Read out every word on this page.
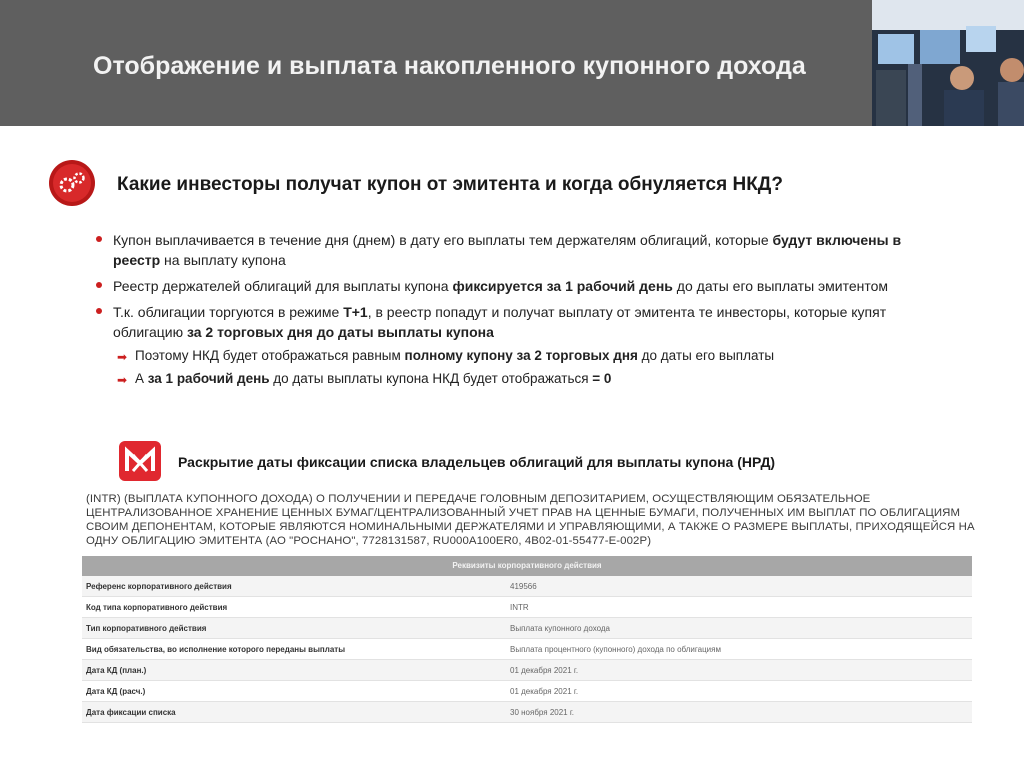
Отображение и выплата накопленного купонного дохода
Какие инвесторы получат купон от эмитента и когда обнуляется НКД?
Купон выплачивается в течение дня (днем) в дату его выплаты тем держателям облигаций, которые будут включены в реестр на выплату купона
Реестр держателей облигаций для выплаты купона фиксируется за 1 рабочий день до даты его выплаты эмитентом
Т.к. облигации торгуются в режиме Т+1, в реестр попадут и получат выплату от эмитента те инвесторы, которые купят облигацию за 2 торговых дня до даты выплаты купона
➡ Поэтому НКД будет отображаться равным полному купону за 2 торговых дня до даты его выплаты
➡ А за 1 рабочий день до даты выплаты купона НКД будет отображаться = 0
Раскрытие даты фиксации списка владельцев облигаций для выплаты купона (НРД)
(INTR) (ВЫПЛАТА КУПОННОГО ДОХОДА) О ПОЛУЧЕНИИ И ПЕРЕДАЧЕ ГОЛОВНЫМ ДЕПОЗИТАРИЕМ, ОСУЩЕСТВЛЯЮЩИМ ОБЯЗАТЕЛЬНОЕ ЦЕНТРАЛИЗОВАННОЕ ХРАНЕНИЕ ЦЕННЫХ БУМАГ/ЦЕНТРАЛИЗОВАННЫЙ УЧЕТ ПРАВ НА ЦЕННЫЕ БУМАГИ, ПОЛУЧЕННЫХ ИМ ВЫПЛАТ ПО ОБЛИГАЦИЯМ СВОИМ ДЕПОНЕНТАМ, КОТОРЫЕ ЯВЛЯЮТСЯ НОМИНАЛЬНЫМИ ДЕРЖАТЕЛЯМИ И УПРАВЛЯЮЩИМИ, А ТАКЖЕ О РАЗМЕРЕ ВЫПЛАТЫ, ПРИХОДЯЩЕЙСЯ НА ОДНУ ОБЛИГАЦИЮ ЭМИТЕНТА (АО "РОСНАНО", 7728131587, RU000A100ER0, 4B02-01-55477-E-002P)
Реквизиты корпоративного действия
Референс корпоративного действия	419566
Код типа корпоративного действия	INTR
Тип корпоративного действия	Выплата купонного дохода
Вид обязательства, во исполнение которого переданы выплаты	Выплата процентного (купонного) дохода по облигациям
Дата КД (план.)	01 декабря 2021 г.
Дата КД (расч.)	01 декабря 2021 г.
Дата фиксации списка	30 ноября 2021 г.
